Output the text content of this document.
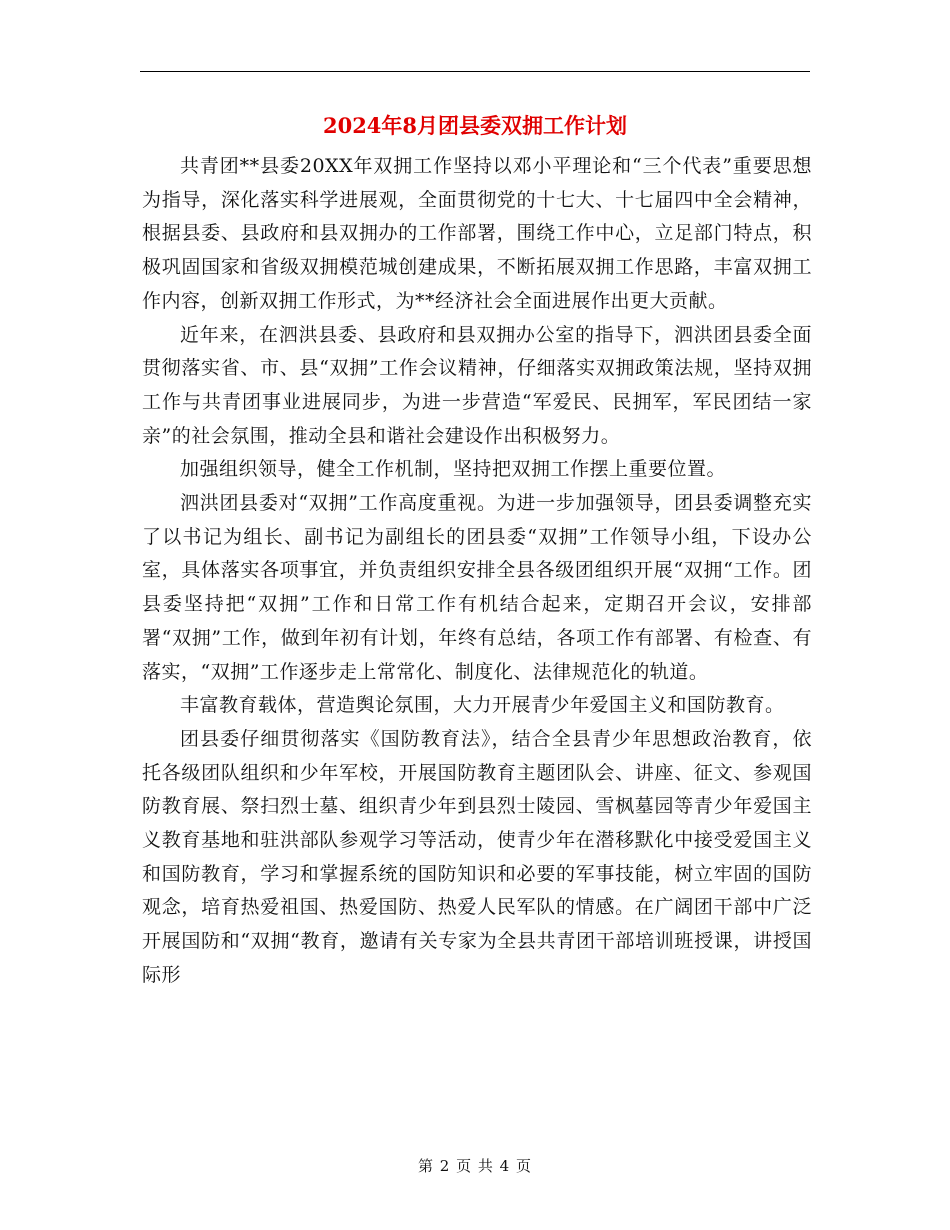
2024年8月团县委双拥工作计划

共青团**县委20XX年双拥工作坚持以邓小平理论和“三个代表”重要思想为指导，深化落实科学进展观，全面贯彻党的十七大、十七届四中全会精神，根据县委、县政府和县双拥办的工作部署，围绕工作中心，立足部门特点，积极巩固国家和省级双拥模范城创建成果，不断拓展双拥工作思路，丰富双拥工作内容，创新双拥工作形式，为**经济社会全面进展作出更大贡献。

近年来，在泗洪县委、县政府和县双拥办公室的指导下，泗洪团县委全面贯彻落实省、市、县“双拥”工作会议精神，仔细落实双拥政策法规，坚持双拥工作与共青团事业进展同步，为进一步营造“军爱民、民拥军，军民团结一家亲”的社会氛围，推动全县和谐社会建设作出积极努力。

加强组织领导，健全工作机制，坚持把双拥工作摆上重要位置。

泗洪团县委对“双拥”工作高度重视。为进一步加强领导，团县委调整充实了以书记为组长、副书记为副组长的团县委“双拥”工作领导小组，下设办公室，具体落实各项事宜，并负责组织安排全县各级团组织开展“双拥“工作。团县委坚持把“双拥”工作和日常工作有机结合起来，定期召开会议，安排部署“双拥”工作，做到年初有计划，年终有总结，各项工作有部署、有检查、有落实，“双拥”工作逐步走上常常化、制度化、法律规范化的轨道。

丰富教育载体，营造舆论氛围，大力开展青少年爱国主义和国防教育。

团县委仔细贯彻落实《国防教育法》，结合全县青少年思想政治教育，依托各级团队组织和少年军校，开展国防教育主题团队会、讲座、征文、参观国防教育展、祭扫烈士墓、组织青少年到县烈士陵园、雪枫墓园等青少年爱国主义教育基地和驻洪部队参观学习等活动，使青少年在潜移默化中接受爱国主义和国防教育，学习和掌握系统的国防知识和必要的军事技能，树立牢固的国防观念，培育热爱祖国、热爱国防、热爱人民军队的情感。在广阔团干部中广泛开展国防和“双拥“教育，邀请有关专家为全县共青团干部培训班授课，讲授国际形

第 2 页 共 4 页
